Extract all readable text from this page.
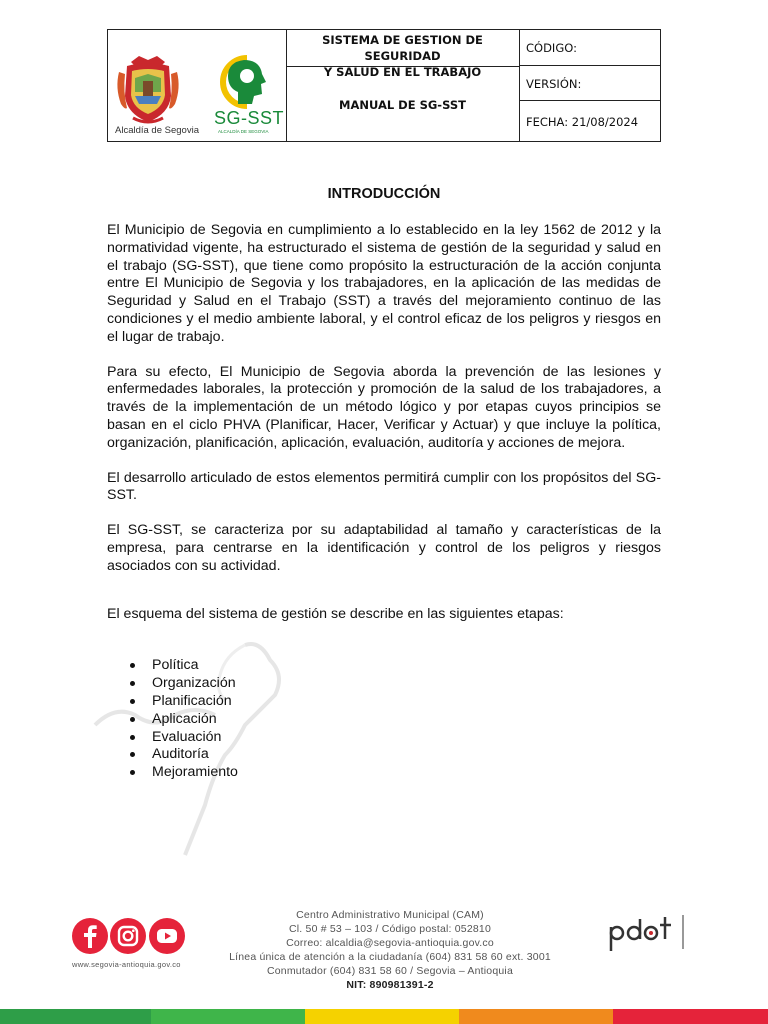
Alcaldía de Segovia
SG-SST
ALCALDÍA DE SEGOVIA
SISTEMA DE GESTION DE SEGURIDAD
Y SALUD EN EL TRABAJO
MANUAL DE SG-SST
CÓDIGO:
VERSIÓN:
FECHA: 21/08/2024
INTRODUCCIÓN

El Municipio de Segovia en cumplimiento a lo establecido en la ley 1562 de 2012 y la normatividad vigente, ha estructurado el sistema de gestión de la seguridad y salud en el trabajo (SG-SST), que tiene como propósito la estructuración de la acción conjunta entre El Municipio de Segovia y los trabajadores, en la aplicación de las medidas de Seguridad y Salud en el Trabajo (SST) a través del mejoramiento continuo de las condiciones y el medio ambiente laboral, y el control eficaz de los peligros y riesgos en el lugar de trabajo.

Para su efecto, El Municipio de Segovia aborda la prevención de las lesiones y enfermedades laborales, la protección y promoción de la salud de los trabajadores, a través de la implementación de un método lógico y por etapas cuyos principios se basan en el ciclo PHVA (Planificar, Hacer, Verificar y Actuar) y que incluye la política, organización, planificación, aplicación, evaluación, auditoría y acciones de mejora.

El desarrollo articulado de estos elementos permitirá cumplir con los propósitos del SG-SST.

El SG-SST, se caracteriza por su adaptabilidad al tamaño y características de la empresa, para centrarse en la identificación y control de los peligros y riesgos asociados con su actividad.

El esquema del sistema de gestión se describe en las siguientes etapas:

Política
Organización
Planificación
Aplicación
Evaluación
Auditoría
Mejoramiento
www.segovia-antioquia.gov.co
Centro Administrativo Municipal (CAM)
Cl. 50 # 53 – 103 / Código postal: 052810
Correo: alcaldia@segovia-antioquia.gov.co
Línea única de atención a la ciudadanía (604) 831 58 60 ext. 3001
Conmutador (604) 831 58 60 / Segovia – Antioquia
NIT: 890981391-2
